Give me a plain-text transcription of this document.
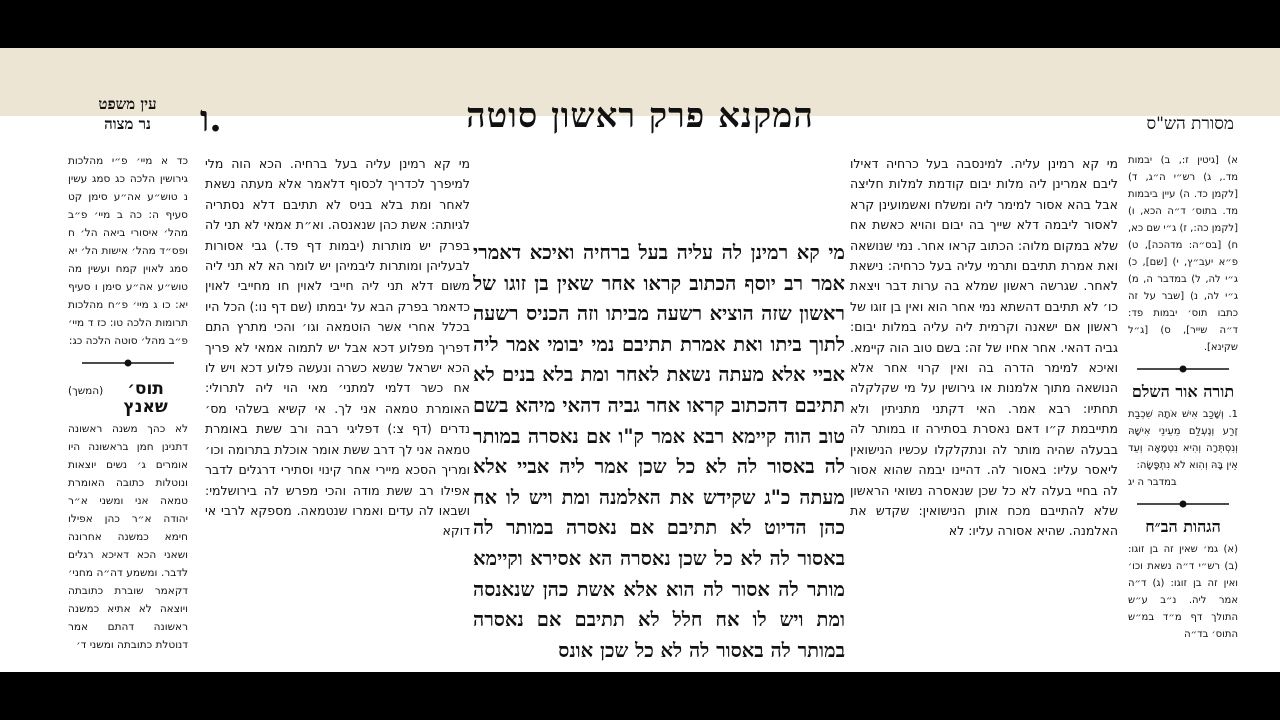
המקנא פרק ראשון סוטה
ו.	מסורת הש"ס
עין משפט
נר מצוה

א) [גיטין ז:, ב) יבמות מד., ג) רש״י ה״ג, ד) [לקמן כד. ה) עיין ביבמות מד. בתוס׳ ד״ה הכא, ו) [לקמן כה:, ז) ג״י שם כא, ח) [בס״ה: מדהכה], ט) פ״א יעב״ץ, י) [שם], כ) ג״י לה, ל) במדבר ה, מ) ג״י לה, נ) [שבר על זה כתבו תוס׳ יבמות פד: ד״ה שייר], ס) [ג״ל שקינא].

תורה אור השלם

1. וְשָׁכַב אִישׁ אֹתָהּ שִׁכְבַת זֶרַע וְנֶעְלַם מֵעֵינֵי אִישָׁהּ וְנִסְתְּרָה וְהִיא נִטְמָאָה וְעֵד אֵין בָּהּ וְהִוא לֹא נִתְפָּשָׂה:

במדבר ה יג

הגהות הב״ח

(א) גמ׳ שאין זה בן זוגו: (ב) רש״י ד״ה נשאת וכו׳ ואין זה בן זוגו: (ג) ד״ה אמר ליה. נ״ב ע״ש התולך דף מ״ד במ״ש התוס׳ בד״ה

מי קא רמינן עליה. למינסבה בעל כרחיה דאילו ליבם אמרינן ליה מלות יבום קודמת למלות חליצה אבל בהא אסור למימר ליה ומשלח ואשמועינן קרא לאסור ליבמה דלא שייך בה יבום והויא כאשת אח שלא במקום מלוה: הכתוב קראו אחר. נמי שנושאה ואת אמרת תתיבם ותרמי עליה בעל כרחיה: נישאת לאחר. שגרשה ראשון שמלא בה ערות דבר ויצאת כו׳ לא תתיבם דהשתא נמי אחר הוא ואין בן זוגו של ראשון אם ישאנה וקרמית ליה עליה במלות יבום: גביה דהאי. אחר אחיו של זה: בשם טוב הוה קיימא. ואיכא למימר הדרה בה ואין קרוי אחר אלא הנושאה מתוך אלמנות או גירושין על מי שקלקלה תחתיו: רבא אמר. האי דקתני מתניתין ולא מתייבמת ק״ו דאם נאסרת בסתירה זו במותר לה בבעלה שהיה מותר לה ונתקלקלו עכשיו הנישואין ליאסר עליו: באסור לה. דהיינו יבמה שהוא אסור לה בחיי בעלה לא כל שכן שנאסרה נשואי הראשון שלא להתייבם מכח אותן הנישואין: שקדש את האלמנה. שהיא אסורה עליו: לא

מי קא רמינן עליה בעל ברחיה. הכא הוה מלי למיפרך לכדריך לכסוף דלאמר אלא מעתה נשאת לאחר ומת בלא בניס לא תתיבם דלא נסתריה לגיותה: אשת כהן שנאנסה. וא״ת אמאי לא תני לה בפרק יש מותרות (יבמות דף פד.) גבי אסורות לבעליהן ומותרות ליבמיהן יש לומר הא לא תני ליה משום דלא תני ליה חייבי לאוין חו מחייבי לאוין כדאמר בפרק הבא על יבמתו (שם דף נו:) הכל היו בכלל אחרי אשר הוטמאה וגו׳ והכי מתרץ התם דפריך מפלוע דכא אבל יש לתמוה אמאי לא פריך הכא ישראל שנשא כשרה ונעשה פלוע דכא ויש לו אח כשר דלמי למתני׳ מאי הוי ליה לתרולי: האומרת טמאה אני לך. אי קשיא בשלהי מס׳ נדרים (דף צ:) דפליגי רבה ורב ששת באומרת טמאה אני לך דרב ששת אומר אוכלת בתרומה וכו׳ ומריך הסכא מיירי אחר קינוי וסתירי דרגלים לדבר אפילו רב ששת מודה והכי מפרש לה בירושלמי: ושבאו לה עדים ואמרו שנטמאה. מספקא לרבי אי דוקא

מי קא רמינן לה עליה בעל ברחיה ואיכא דאמרי אמר רב יוסף הכתוב קראו אחר שאין בן זוגו של ראשון שזה הוציא רשעה מביתו וזה הכניס רשעה לתוך ביתו ואת אמרת תתיבם נמי יבומי אמר ליה אביי אלא מעתה נשאת לאחר ומת בלא בנים לא תתיבם דהכתוב קראו אחר גביה דהאי מיהא בשם טוב הוה קיימא רבא אמר ק"ו אם נאסרה במותר לה באסור לה לא כל שכן אמר ליה אביי אלא מעתה כ"ג שקידש את האלמנה ומת ויש לו אח כהן הדיוט לא תתיבם אם נאסרה במותר לה באסור לה לא כל שכן נאסרה הא אסירא וקיימא מותר לה אסור לה הוא אלא אשת כהן שנאנסה ומת ויש לו אח חלל לא תתיבם אם נאסרה במותר לה באסור לה לא כל שכן אונס

כד א מיי׳ פ״י מהלכות גירושין הלכה כג סמג עשין נ טוש״ע אה״ע סימן קט סעיף ה: כה ב מיי׳ פ״ב מהל׳ איסורי ביאה הל׳ ח ופס״ד מהל׳ אישות הל׳ יא סמג לאוין קמח ועשין מה טוש״ע אה״ע סימן ו סעיף יא: כו ג מיי׳ פ״ח מהלכות תרומות הלכה טו: כז ד מיי׳ פ״ב מהל׳ סוטה הלכה כג:

תוס׳ שאנץ
(המשך)

לא כהך משנה ראשונה דתנינן חמן בראשונה היו אומרים ג׳ נשים יוצאות ונוטלות כתובה האומרת טמאה אני ומשני א״ר יהודה א״ר כהן אפילו חימא כמשנה אחרונה ושאני הכא דאיכא רגלים לדבר. ומשמע דה״ה מחני׳ דקאמר שוברת כתובתה ויוצאה לא אתיא כמשנה ראשונה דהתם אמר דנוטלת כתובתה ומשני ד׳
